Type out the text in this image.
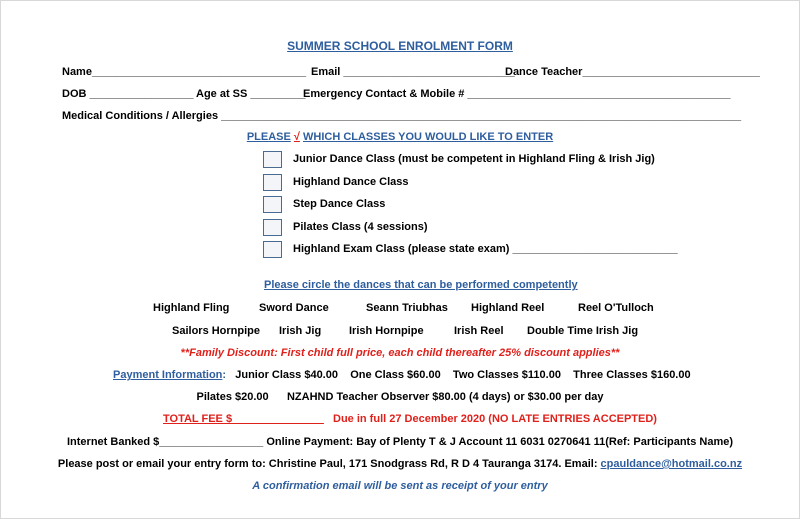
SUMMER SCHOOL ENROLMENT FORM
Name___________________________________ Email ____________________________
Dance Teacher_____________________________
DOB _________________ Age at SS _________
Emergency Contact & Mobile # ___________________________________________
Medical Conditions / Allergies _____________________________________________________________________________________
PLEASE √ WHICH CLASSES YOU WOULD LIKE TO ENTER
Junior Dance Class (must be competent in Highland Fling & Irish Jig)
Highland Dance Class
Step Dance Class
Pilates Class (4 sessions)
Highland Exam Class (please state exam) ___________________________
Please circle the dances that can be performed competently
Highland Fling	Sword Dance	Seann Triubhas Highland Reel	Reel O'Tulloch
Sailors Hornpipe Irish Jig	Irish Hornpipe	Irish Reel Double Time Irish Jig
**Family Discount: First child full price, each child thereafter 25% discount applies**
Payment Information: Junior Class $40.00    One Class $60.00    Two Classes $110.00    Three Classes $160.00
Pilates $20.00      NZAHND Teacher Observer $80.00 (4 days) or $30.00 per day
TOTAL FEE $_______________ Due in full 27 December 2020 (NO LATE ENTRIES ACCEPTED)
Internet Banked $_________________ Online Payment: Bay of Plenty T & J Account 11 6031 0270641 11(Ref: Participants Name)
Please post or email your entry form to: Christine Paul, 171 Snodgrass Rd, R D 4 Tauranga 3174. Email: cpauldance@hotmail.co.nz
A confirmation email will be sent as receipt of your entry
